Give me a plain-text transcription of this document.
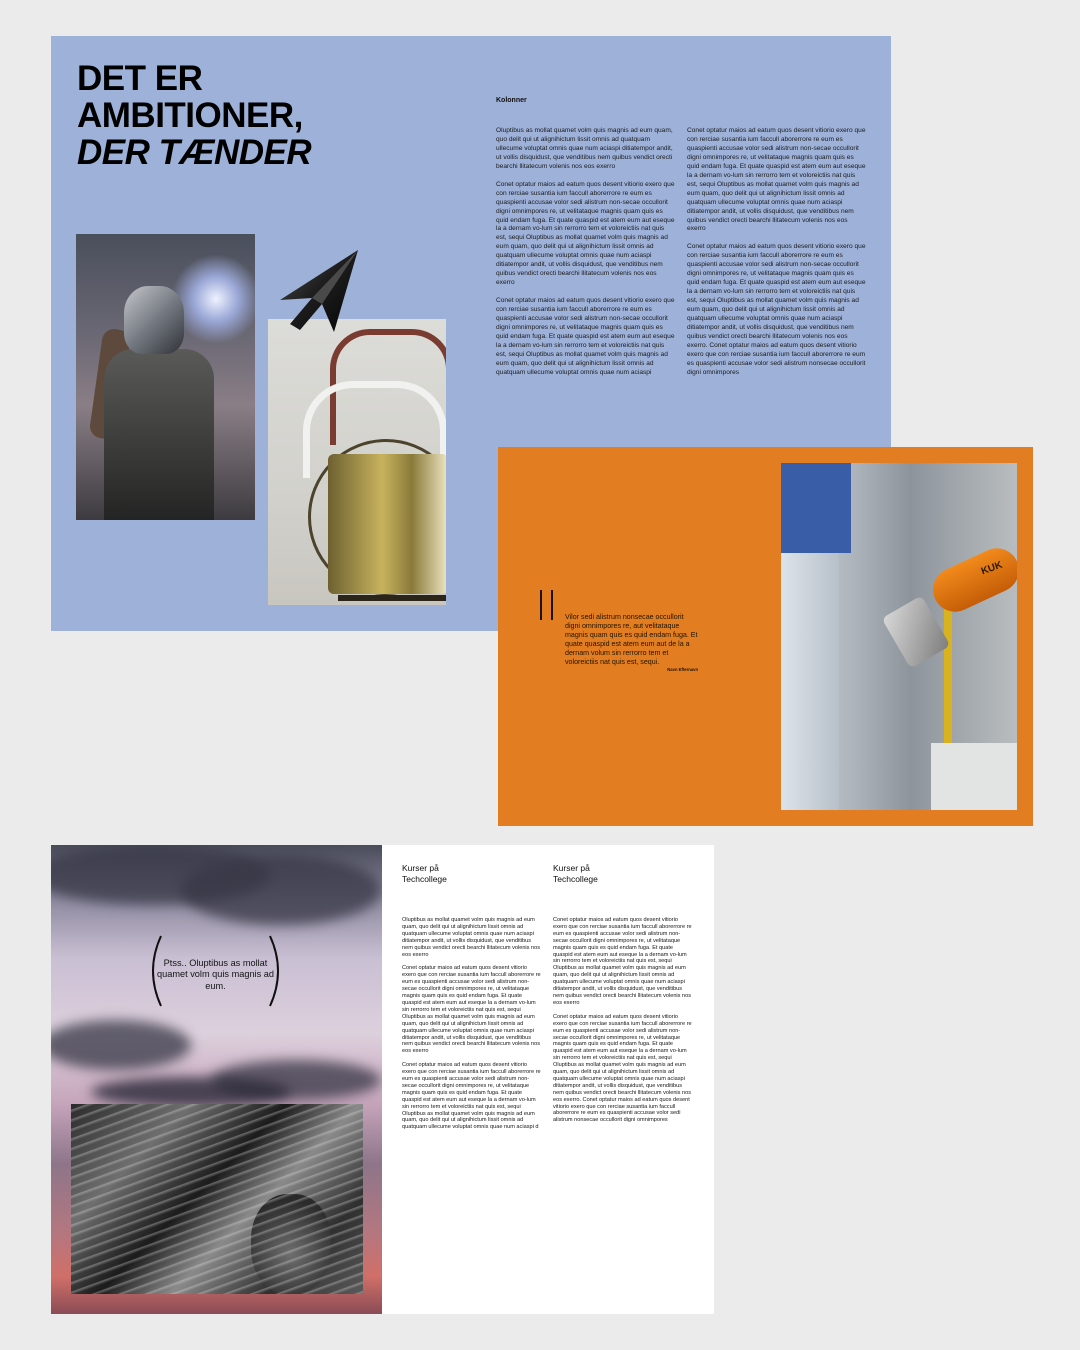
DET ER
AMBITIONER,
DER TÆNDER
Kolonner

Oluptibus as mollat quamet volm quis magnis ad eum quam, quo delit qui ut alignihictum lissit omnis ad quatquam ullecume voluptat omnis quae num aciaspi ditiatempor andit, ut vollis disquidust, que venditibus nem quibus vendict orecti bearchi llitatecum volenis nos eos exerro

Conet optatur maios ad eatum quos desent vitiorio exero que con rerciae susantia ium faccull aborerrore re eum es quaspienti accusae volor sedi alistrum non-secae occullorit digni omnimpores re, ut velitataque magnis quam quis es quid endam fuga. Et quate quaspid est atem eum aut eseque la a dernam vo-lum sin rerrorro tem et voloreictiis nat quis est, sequi Oluptibus as mollat quamet volm quis magnis ad eum quam, quo delit qui ut alignihictum lissit omnis ad quatquam ullecume voluptat omnis quae num aciaspi ditiatempor andit, ut vollis disquidust, que venditibus nem quibus vendict orecti bearchi llitatecum volenis nos eos exerro

Conet optatur maios ad eatum quos desent vitiorio exero que con rerciae susantia ium faccull aborerrore re eum es quaspienti accusae volor sedi alistrum non-secae occullorit digni omnimpores re, ut velitataque magnis quam quis es quid endam fuga. Et quate quaspid est atem eum aut eseque la a dernam vo-lum sin rerrorro tem et voloreictiis nat quis est, sequi Oluptibus as mollat quamet volm quis magnis ad eum quam, quo delit qui ut alignihictum lissit omnis ad quatquam ullecume voluptat omnis quae num aciaspi

Conet optatur maios ad eatum quos desent vitiorio exero que con rerciae susantia ium faccull aborerrore re eum es quaspienti accusae volor sedi alistrum non-secae occullorit digni omnimpores re, ut velitataque magnis quam quis es quid endam fuga. Et quate quaspid est atem eum aut eseque la a dernam vo-lum sin rerrorro tem et voloreictiis nat quis est, sequi Oluptibus as mollat quamet volm quis magnis ad eum quam, quo delit qui ut alignihictum lissit omnis ad quatquam ullecume voluptat omnis quae num aciaspi ditiatempor andit, ut vollis disquidust, que venditibus nem quibus vendict orecti bearchi llitatecum volenis nos eos exerro

Conet optatur maios ad eatum quos desent vitiorio exero que con rerciae susantia ium faccull aborerrore re eum es quaspienti accusae volor sedi alistrum non-secae occullorit digni omnimpores re, ut velitataque magnis quam quis es quid endam fuga. Et quate quaspid est atem eum aut eseque la a dernam vo-lum sin rerrorro tem et voloreictiis nat quis est, sequi Oluptibus as mollat quamet volm quis magnis ad eum quam, quo delit qui ut alignihictum lissit omnis ad quatquam ullecume voluptat omnis quae num aciaspi ditiatempor andit, ut vollis disquidust, que venditibus nem quibus vendict orecti bearchi llitatecum volenis nos eos exerro. Conet optatur maios ad eatum quos desent vitiorio exero que con rerciae susantia ium faccull aborerrore re eum es quaspienti accusae volor sedi alistrum nonsecae occullorit digni omnimpores

Vilor sedi alistrum nonsecae occullorit digni omnimpores re, aut velitataque magnis quam quis es quid endam fuga. Et quate quaspid est atem eum aut de la a dernam volum sin rerrorro tem et voloreictiis nat quis est, sequi.

Navn Efternavn
KUK

Ptss.. Oluptibus as mollat quamet volm quis magnis ad eum.

Kurser på Techcollege
Kurser på Techcollege

Oluptibus as mollat quamet volm quis magnis ad eum quam, quo delit qui ut alignihictum lissit omnis ad quatquam ullecume voluptat omnis quae num aciaspi ditiatempor andit, ut vollis disquidust, que venditibus nem quibus vendict orecti bearchi llitatecum volenis nos eos exerro

Conet optatur maios ad eatum quos desent vitiorio exero que con rerciae susantia ium faccull aborerrore re eum es quaspienti accusae volor sedi alistrum non-secae occullorit digni omnimpores re, ut velitataque magnis quam quis es quid endam fuga. Et quate quaspid est atem eum aut eseque la a dernam vo-lum sin rerrorro tem et voloreictiis nat quis est, sequi Oluptibus as mollat quamet volm quis magnis ad eum quam, quo delit qui ut alignihictum lissit omnis ad quatquam ullecume voluptat omnis quae num aciaspi ditiatempor andit, ut vollis disquidust, que venditibus nem quibus vendict orecti bearchi llitatecum volenis nos eos exerro

Conet optatur maios ad eatum quos desent vitiorio exero que con rerciae susantia ium faccull aborerrore re eum es quaspienti accusae volor sedi alistrum non-secae occullorit digni omnimpores re, ut velitataque magnis quam quis es quid endam fuga. Et quate quaspid est atem eum aut eseque la a dernam vo-lum sin rerrorro tem et voloreictiis nat quis est, sequi Oluptibus as mollat quamet volm quis magnis ad eum quam, quo delit qui ut alignihictum lissit omnis ad quatquam ullecume voluptat omnis quae num aciaspi d

Conet optatur maios ad eatum quos desent vitiorio exero que con rerciae susantia ium faccull aborerrore re eum es quaspienti accusae volor sedi alistrum non-secae occullorit digni omnimpores re, ut velitataque magnis quam quis es quid endam fuga. Et quate quaspid est atem eum aut eseque la a dernam vo-lum sin rerrorro tem et voloreictiis nat quis est, sequi Oluptibus as mollat quamet volm quis magnis ad eum quam, quo delit qui ut alignihictum lissit omnis ad quatquam ullecume voluptat omnis quae num aciaspi ditiatempor andit, ut vollis disquidust, que venditibus nem quibus vendict orecti bearchi llitatecum volenis nos eos exerro

Conet optatur maios ad eatum quos desent vitiorio exero que con rerciae susantia ium faccull aborerrore re eum es quaspienti accusae volor sedi alistrum non-secae occullorit digni omnimpores re, ut velitataque magnis quam quis es quid endam fuga. Et quate quaspid est atem eum aut eseque la a dernam vo-lum sin rerrorro tem et voloreictiis nat quis est, sequi Oluptibus as mollat quamet volm quis magnis ad eum quam, quo delit qui ut alignihictum lissit omnis ad quatquam ullecume voluptat omnis quae num aciaspi ditiatempor andit, ut vollis disquidust, que venditibus nem quibus vendict orecti bearchi llitatecum volenis nos eos exerro. Conet optatur maios ad eatum quos desent vitiorio exero que con rerciae susantia ium faccull aborerrore re eum es quaspienti accusae volor sedi alistrum nonsecae occullorit digni omnimpores
